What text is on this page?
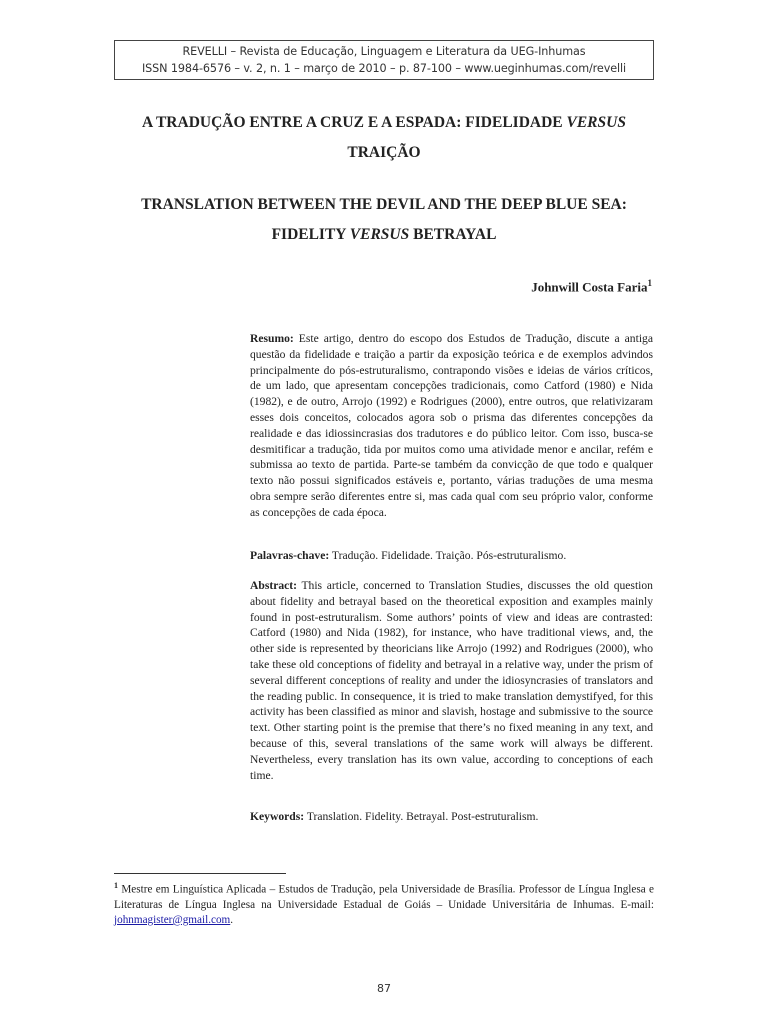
REVELLI – Revista de Educação, Linguagem e Literatura da UEG-Inhumas
ISSN 1984-6576 – v. 2, n. 1 – março de 2010 – p. 87-100 – www.ueginhumas.com/revelli
A TRADUÇÃO ENTRE A CRUZ E A ESPADA: FIDELIDADE VERSUS
TRAIÇÃO
TRANSLATION BETWEEN THE DEVIL AND THE DEEP BLUE SEA:
FIDELITY VERSUS BETRAYAL
Johnwill Costa Faria$^1$
Resumo: Este artigo, dentro do escopo dos Estudos de Tradução, discute a antiga questão da fidelidade e traição a partir da exposição teórica e de exemplos advindos principalmente do pós-estruturalismo, contrapondo visões e ideias de vários críticos, de um lado, que apresentam concepções tradicionais, como Catford (1980) e Nida (1982), e de outro, Arrojo (1992) e Rodrigues (2000), entre outros, que relativizaram esses dois conceitos, colocados agora sob o prisma das diferentes concepções da realidade e das idiossincrasias dos tradutores e do público leitor. Com isso, busca-se desmitificar a tradução, tida por muitos como uma atividade menor e ancilar, refém e submissa ao texto de partida. Parte-se também da convicção de que todo e qualquer texto não possui significados estáveis e, portanto, várias traduções de uma mesma obra sempre serão diferentes entre si, mas cada qual com seu próprio valor, conforme as concepções de cada época.
Palavras-chave: Tradução. Fidelidade. Traição. Pós-estruturalismo.
Abstract: This article, concerned to Translation Studies, discusses the old question about fidelity and betrayal based on the theoretical exposition and examples mainly found in post-estruturalism. Some authors’ points of view and ideas are contrasted: Catford (1980) and Nida (1982), for instance, who have traditional views, and, the other side is represented by theoricians like Arrojo (1992) and Rodrigues (2000), who take these old conceptions of fidelity and betrayal in a relative way, under the prism of several different conceptions of reality and under the idiosyncrasies of translators and the reading public. In consequence, it is tried to make translation demystifyed, for this activity has been classified as minor and slavish, hostage and submissive to the source text. Other starting point is the premise that there’s no fixed meaning in any text, and because of this, several translations of the same work will always be different. Nevertheless, every translation has its own value, according to conceptions of each time.
Keywords: Translation. Fidelity. Betrayal. Post-estruturalism.
$^1$ Mestre em Linguística Aplicada – Estudos de Tradução, pela Universidade de Brasília. Professor de Língua Inglesa e Literaturas de Língua Inglesa na Universidade Estadual de Goiás – Unidade Universitária de Inhumas. E-mail: johnmagister@gmail.com.
87
